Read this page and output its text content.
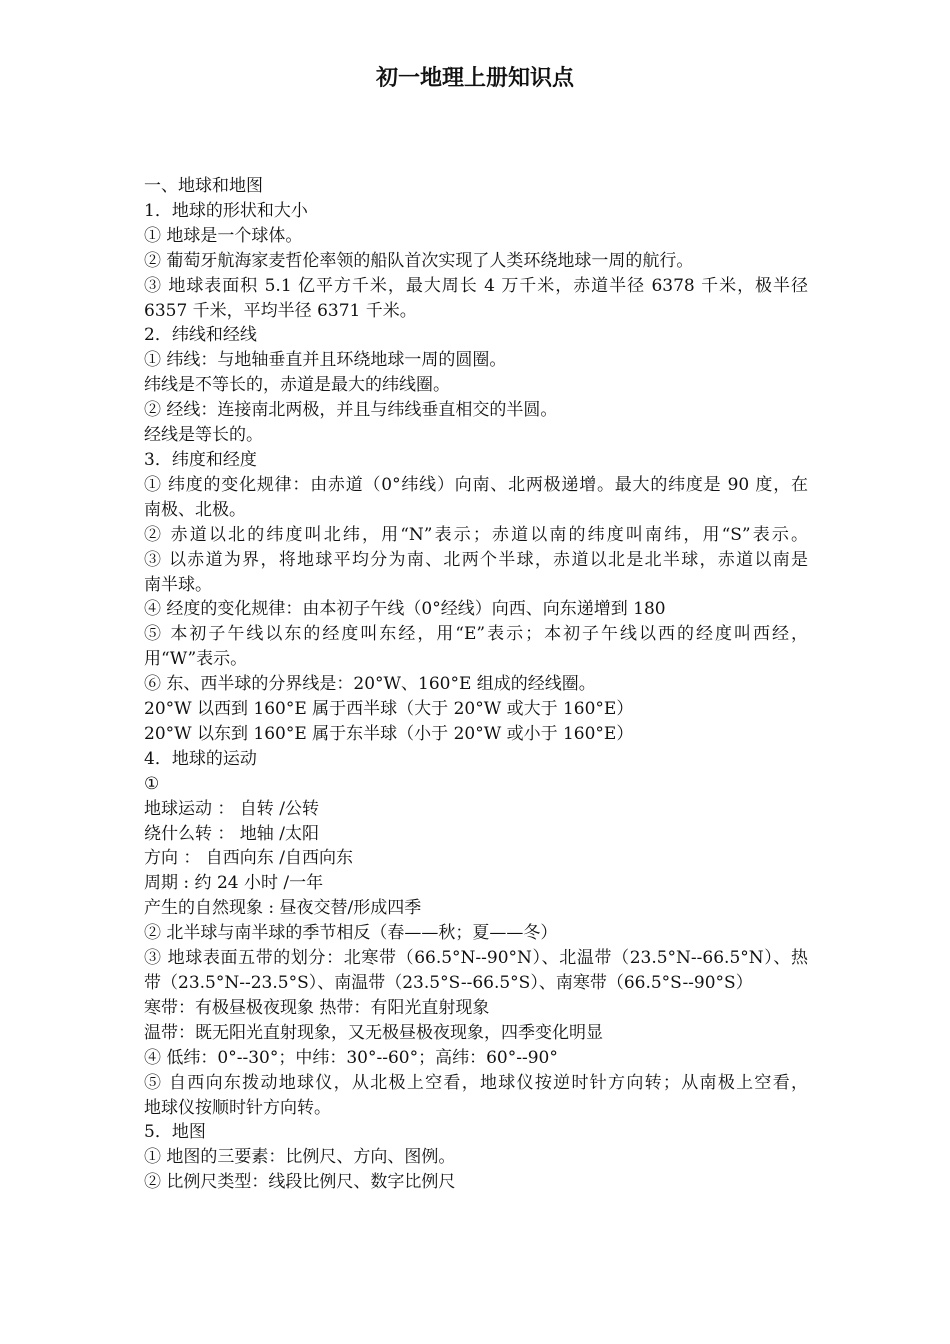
初一地理上册知识点
一、地球和地图
1．地球的形状和大小
① 地球是一个球体。
② 葡萄牙航海家麦哲伦率领的船队首次实现了人类环绕地球一周的航行。
③ 地球表面积 5.1 亿平方千米，最大周长 4 万千米，赤道半径 6378 千米，极半径
6357 千米，平均半径 6371 千米。
2．纬线和经线
① 纬线：与地轴垂直并且环绕地球一周的圆圈。
纬线是不等长的，赤道是最大的纬线圈。
② 经线：连接南北两极，并且与纬线垂直相交的半圆。
经线是等长的。
3．纬度和经度
① 纬度的变化规律：由赤道（0°纬线）向南、北两极递增。最大的纬度是 90 度，在
南极、北极。
② 赤道以北的纬度叫北纬，用“N”表示；赤道以南的纬度叫南纬，用“S”表示。
③ 以赤道为界，将地球平均分为南、北两个半球，赤道以北是北半球，赤道以南是
南半球。
④ 经度的变化规律：由本初子午线（0°经线）向西、向东递增到 180
⑤ 本初子午线以东的经度叫东经，用“E”表示；本初子午线以西的经度叫西经，
用“W”表示。
⑥ 东、西半球的分界线是：20°W、160°E 组成的经线圈。
20°W 以西到 160°E 属于西半球（大于 20°W 或大于 160°E）
20°W 以东到 160°E 属于东半球（小于 20°W 或小于 160°E）
4．地球的运动
①
地球运动 ： 自转 /公转
绕什么转 ： 地轴 /太阳
方向 ： 自西向东 /自西向东
周期 : 约 24 小时 /一年
产生的自然现象 : 昼夜交替/形成四季
② 北半球与南半球的季节相反（春——秋；夏——冬）
③ 地球表面五带的划分：北寒带（66.5°N--90°N）、北温带（23.5°N--66.5°N）、热
带（23.5°N--23.5°S）、南温带（23.5°S--66.5°S）、南寒带（66.5°S--90°S）
寒带：有极昼极夜现象 热带：有阳光直射现象
温带：既无阳光直射现象，又无极昼极夜现象，四季变化明显
④ 低纬：0°--30°；中纬：30°--60°；高纬：60°--90°
⑤ 自西向东拨动地球仪，从北极上空看，地球仪按逆时针方向转；从南极上空看，
地球仪按顺时针方向转。
5．地图
① 地图的三要素：比例尺、方向、图例。
② 比例尺类型：线段比例尺、数字比例尺
